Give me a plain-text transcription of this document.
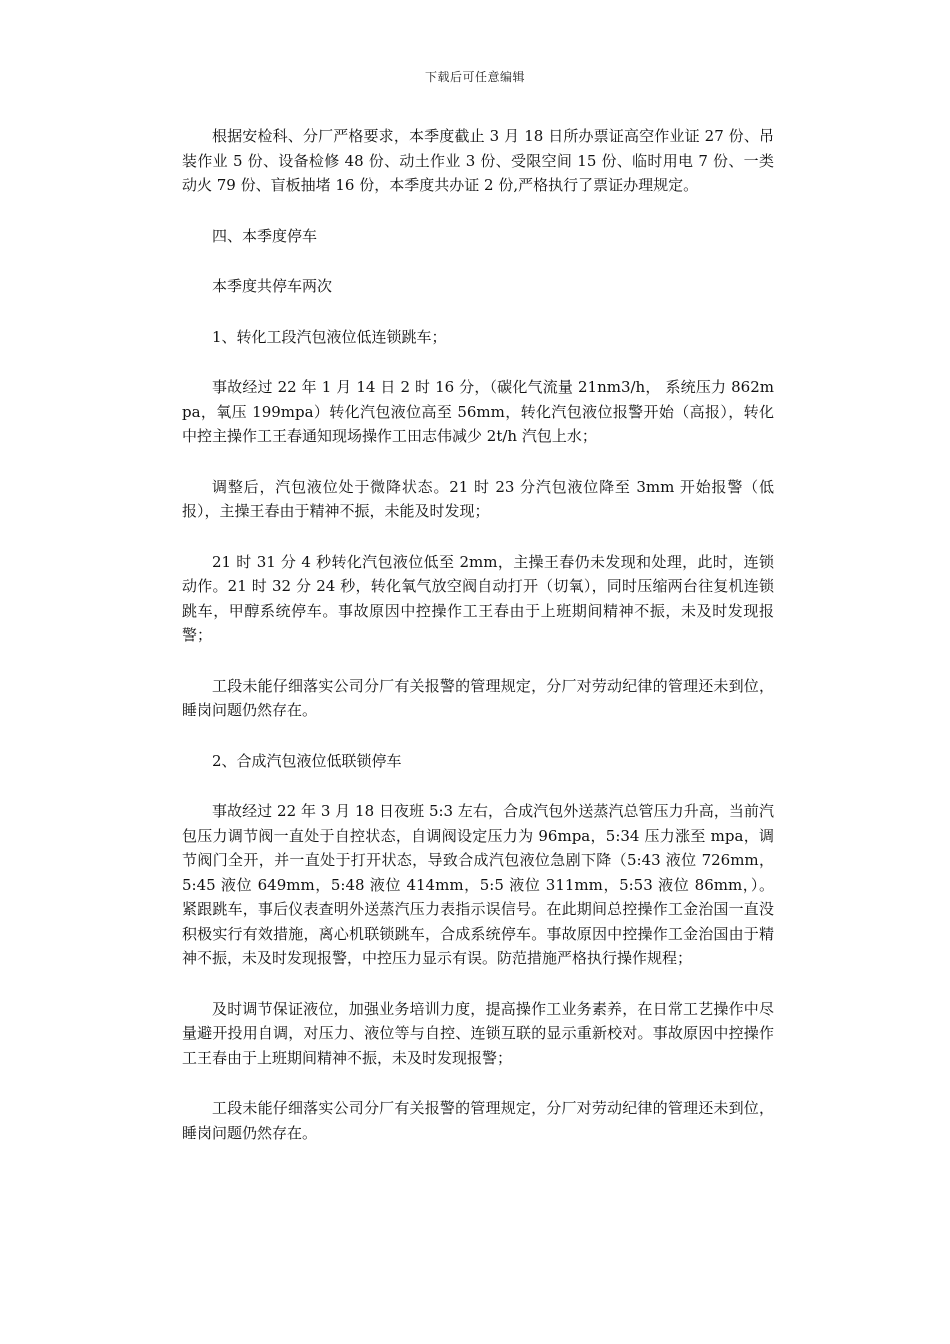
下载后可任意编辑

根据安检科、分厂严格要求，本季度截止 3 月 18 日所办票证高空作业证 27 份、吊装作业 5 份、设备检修 48 份、动土作业 3 份、受限空间 15 份、临时用电 7 份、一类动火 79 份、盲板抽堵 16 份，本季度共办证 2 份,严格执行了票证办理规定。

四、本季度停车

本季度共停车两次

1、转化工段汽包液位低连锁跳车；

事故经过 22 年 1 月 14 日 2 时 16 分，（碳化气流量 21nm3/h， 系统压力 862mpa，氧压 199mpa）转化汽包液位高至 56mm，转化汽包液位报警开始（高报），转化中控主操作工王春通知现场操作工田志伟减少 2t/h 汽包上水；

调整后，汽包液位处于微降状态。21 时 23 分汽包液位降至 3mm 开始报警（低报），主操王春由于精神不振，未能及时发现；

21 时 31 分 4 秒转化汽包液位低至 2mm，主操王春仍未发现和处理，此时，连锁动作。21 时 32 分 24 秒，转化氧气放空阀自动打开（切氧），同时压缩两台往复机连锁跳车，甲醇系统停车。事故原因中控操作工王春由于上班期间精神不振，未及时发现报警；

工段未能仔细落实公司分厂有关报警的管理规定，分厂对劳动纪律的管理还未到位，睡岗问题仍然存在。

2、合成汽包液位低联锁停车

事故经过 22 年 3 月 18 日夜班 5:3 左右，合成汽包外送蒸汽总管压力升高，当前汽包压力调节阀一直处于自控状态，自调阀设定压力为 96mpa，5:34 压力涨至 mpa，调节阀门全开，并一直处于打开状态，导致合成汽包液位急剧下降（5:43 液位 726mm，5:45 液位 649mm，5:48 液位 414mm，5:5 液位 311mm，5:53 液位 86mm，）。紧跟跳车，事后仪表查明外送蒸汽压力表指示误信号。在此期间总控操作工金治国一直没积极实行有效措施，离心机联锁跳车，合成系统停车。事故原因中控操作工金治国由于精神不振，未及时发现报警，中控压力显示有误。防范措施严格执行操作规程；

及时调节保证液位，加强业务培训力度，提高操作工业务素养，在日常工艺操作中尽量避开投用自调，对压力、液位等与自控、连锁互联的显示重新校对。事故原因中控操作工王春由于上班期间精神不振，未及时发现报警；

工段未能仔细落实公司分厂有关报警的管理规定，分厂对劳动纪律的管理还未到位，睡岗问题仍然存在。
